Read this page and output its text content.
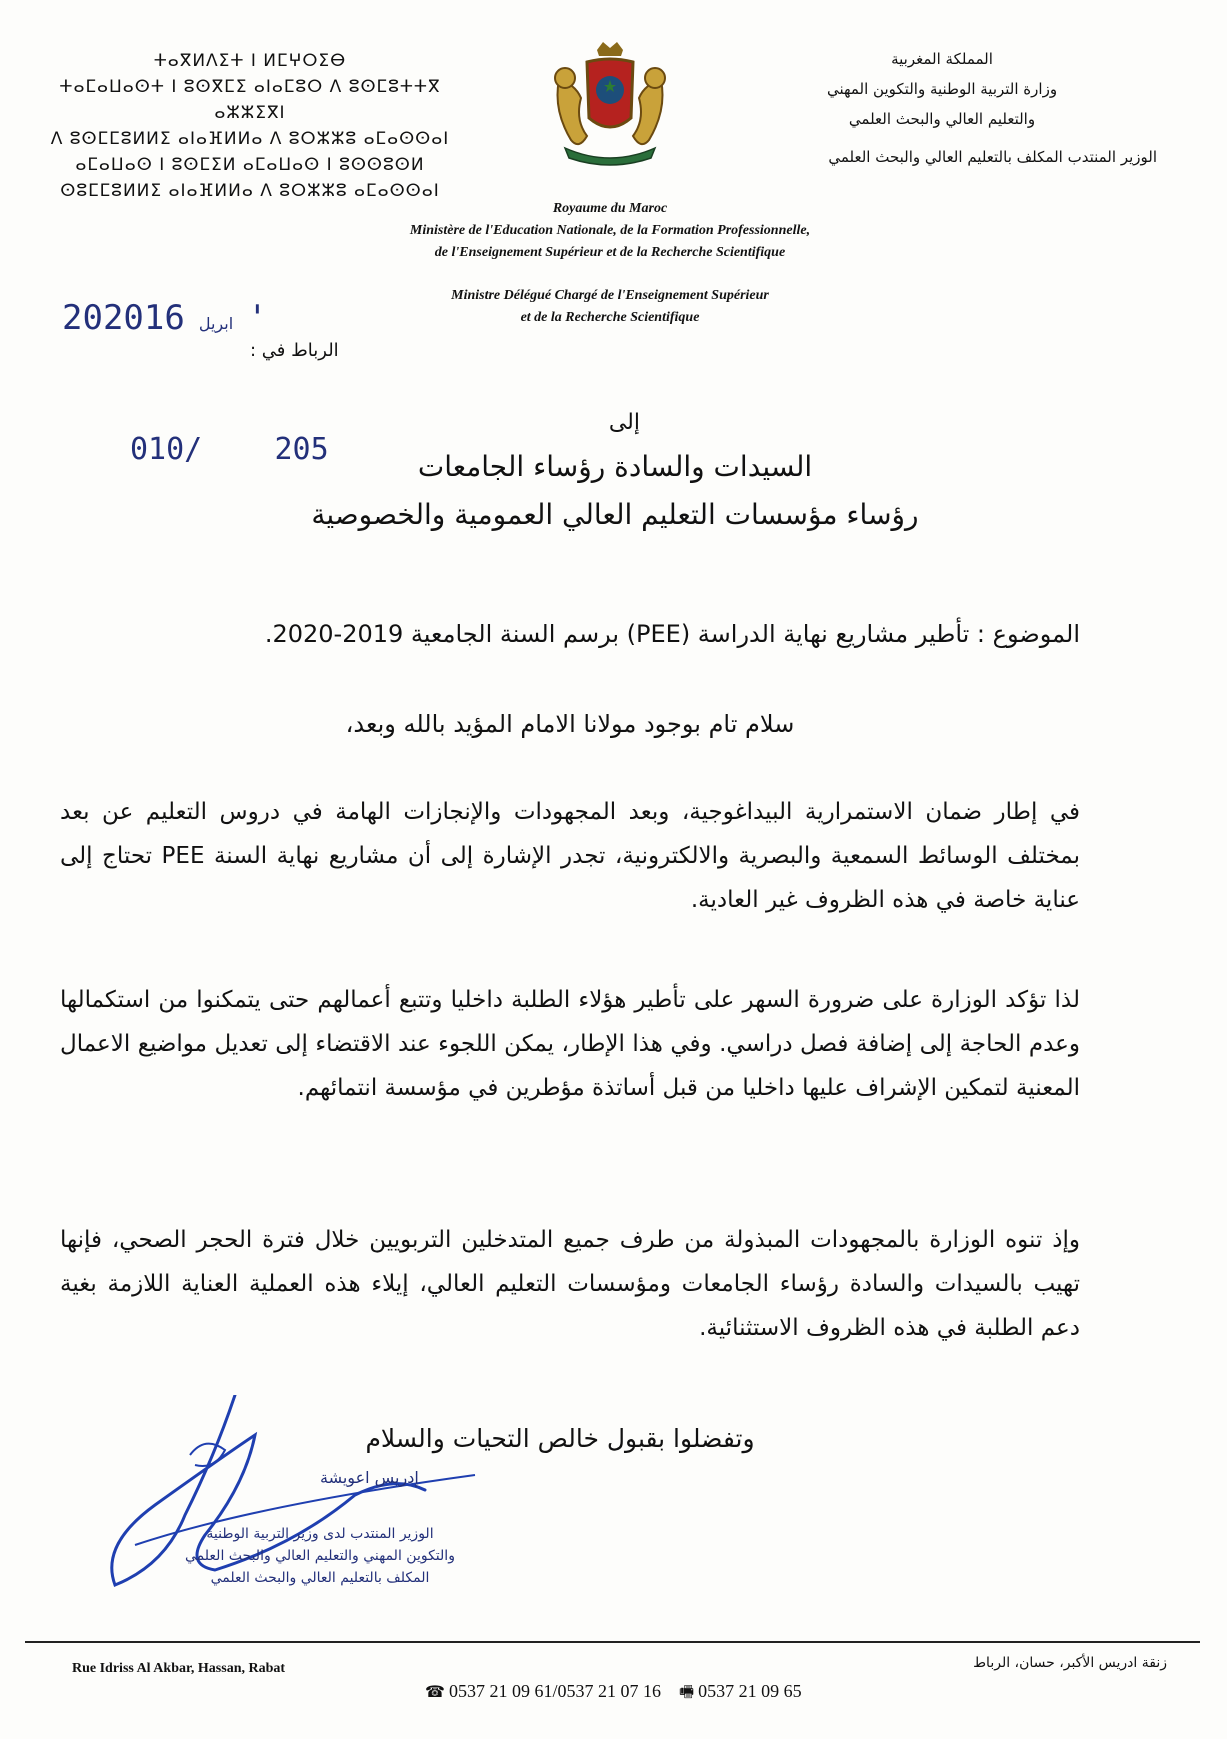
ⵜⴰⴳⵍⴷⵉⵜ ⵏ ⵍⵎⵖⵔⵉⴱ
ⵜⴰⵎⴰⵡⴰⵙⵜ ⵏ ⵓⵙⴳⵎⵉ ⴰⵏⴰⵎⵓⵔ ⴷ ⵓⵙⵎⵓⵜⵜⴳ ⴰⵣⵣⵉⴳⵏ
ⴷ ⵓⵙⵎⵎⵓⵍⵍⵉ ⴰⵏⴰⴼⵍⵍⴰ ⴷ ⵓⵔⵣⵣⵓ ⴰⵎⴰⵙⵙⴰⵏ
ⴰⵎⴰⵡⴰⵙ ⵏ ⵓⵙⵎⵉⵍ ⴰⵎⴰⵡⴰⵙ ⵏ ⵓⵙⵙⵓⵙⵍ
ⵙⵓⵎⵎⵓⵍⵍⵉ ⴰⵏⴰⴼⵍⵍⴰ ⴷ ⵓⵔⵣⵣⵓ ⴰⵎⴰⵙⵙⴰⵏ
المملكة المغربية
وزارة التربية الوطنية والتكوين المهني
والتعليم العالي والبحث العلمي
الوزير المنتدب المكلف بالتعليم العالي والبحث العلمي
Royaume du Maroc
Ministère de l'Education Nationale, de la Formation Professionnelle,
de l'Enseignement Supérieur et de la Recherche Scientifique
Ministre Délégué Chargé de l'Enseignement Supérieur
et de la Recherche Scientifique
2020	ابريل16'
الرباط في :
010/ 205
إلى
السيدات والسادة رؤساء الجامعات
رؤساء مؤسسات التعليم العالي العمومية والخصوصية
الموضوع : تأطير مشاريع نهاية الدراسة (PEE) برسم السنة الجامعية 2019-2020.
سلام تام بوجود مولانا الامام المؤيد بالله وبعد،
في إطار ضمان الاستمرارية البيداغوجية، وبعد المجهودات والإنجازات الهامة في دروس التعليم عن بعد بمختلف الوسائط السمعية والبصرية والالكترونية، تجدر الإشارة إلى أن مشاريع نهاية السنة PEE تحتاج إلى عناية خاصة في هذه الظروف غير العادية.
لذا تؤكد الوزارة على ضرورة السهر على تأطير هؤلاء الطلبة داخليا وتتبع أعمالهم حتى يتمكنوا من استكمالها وعدم الحاجة إلى إضافة فصل دراسي. وفي هذا الإطار، يمكن اللجوء عند الاقتضاء إلى تعديل مواضيع الاعمال المعنية لتمكين الإشراف عليها داخليا من قبل أساتذة مؤطرين في مؤسسة انتمائهم.
وإذ تنوه الوزارة بالمجهودات المبذولة من طرف جميع المتدخلين التربويين خلال فترة الحجر الصحي، فإنها تهيب بالسيدات والسادة رؤساء الجامعات ومؤسسات التعليم العالي، إيلاء هذه العملية العناية اللازمة بغية دعم الطلبة في هذه الظروف الاستثنائية.
وتفضلوا بقبول خالص التحيات والسلام
إدريس اعويشة
الوزير المنتدب لدى وزير التربية الوطنية
والتكوين المهني والتعليم العالي والبحث العلمي
المكلف بالتعليم العالي والبحث العلمي
Rue Idriss Al Akbar, Hassan, Rabat	زنقة ادريس الأكبر، حسان، الرباط
☎ 0537 21 09 61/0537 21 07 16 🖷 0537 21 09 65
